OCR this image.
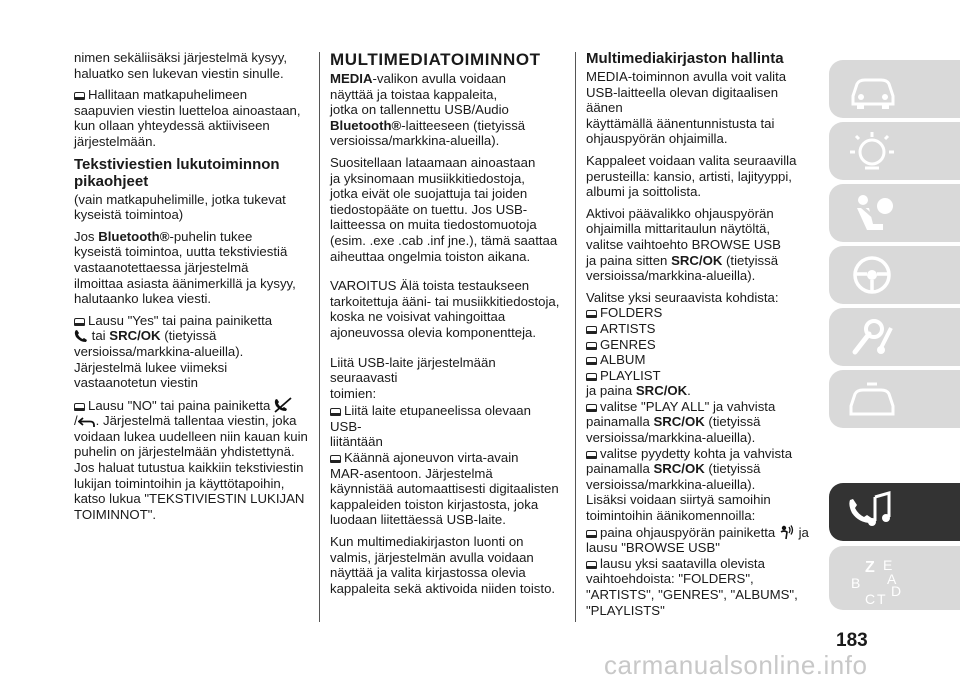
nimen sekäliisäksi järjestelmä kysyy,
haluatko sen lukevan viestin sinulle.

Hallitaan matkapuhelimeen
saapuvien viestin luetteloa ainoastaan,
kun ollaan yhteydessä aktiiviseen
järjestelmään.

Tekstiviestien lukutoiminnon
pikaohjeet

(vain matkapuhelimille, jotka tukevat
kyseistä toimintoa)

Jos Bluetooth®-puhelin tukee
kyseistä toimintoa, uutta tekstiviestiä
vastaanotettaessa järjestelmä
ilmoittaa asiasta äänimerkillä ja kysyy,
halutaanko lukea viesti.

Lausu "Yes" tai paina painiketta
tai SRC/OK (tietyissä
versioissa/markkina-alueilla).
Järjestelmä lukee viimeksi
vastaanotetun viestin

Lausu "NO" tai paina painiketta
/ . Järjestelmä tallentaa viestin, joka
voidaan lukea uudelleen niin kauan kuin
puhelin on järjestelmään yhdistettynä.
Jos haluat tutustua kaikkiin tekstiviestin
lukijan toimintoihin ja käyttötapoihin,
katso lukua "TEKSTIVIESTIN LUKIJAN
TOIMINNOT".

MULTIMEDIATOIMINNOT

MEDIA-valikon avulla voidaan
näyttää ja toistaa kappaleita,
jotka on tallennettu USB/Audio
Bluetooth®-laitteeseen (tietyissä
versioissa/markkina-alueilla).

Suositellaan lataamaan ainoastaan
ja yksinomaan musiikkitiedostoja,
jotka eivät ole suojattuja tai joiden
tiedostopääte on tuettu. Jos USB-
laitteessa on muita tiedostomuotoja
(esim. .exe .cab .inf jne.), tämä saattaa
aiheuttaa ongelmia toiston aikana.

VAROITUS Älä toista testaukseen
tarkoitettuja ääni- tai musiikkitiedostoja,
koska ne voisivat vahingoittaa
ajoneuvossa olevia komponentteja.

Liitä USB-laite järjestelmään seuraavasti
toimien:

Liitä laite etupaneelissa olevaan USB-
liitäntään
Käännä ajoneuvon virta-avain
MAR-asentoon. Järjestelmä
käynnistää automaattisesti digitaalisten
kappaleiden toiston kirjastosta, joka
luodaan liitettäessä USB-laite.

Kun multimediakirjaston luonti on
valmis, järjestelmän avulla voidaan
näyttää ja valita kirjastossa olevia
kappaleita sekä aktivoida niiden toisto.

Multimediakirjaston hallinta

MEDIA-toiminnon avulla voit valita
USB-laitteella olevan digitaalisen äänen
käyttämällä äänentunnistusta tai
ohjauspyörän ohjaimilla.

Kappaleet voidaan valita seuraavilla
perusteilla: kansio, artisti, lajityyppi,
albumi ja soittolista.

Aktivoi päävalikko ohjauspyörän
ohjaimilla mittaritaulun näytöltä,
valitse vaihtoehto BROWSE USB
ja paina sitten SRC/OK (tietyissä
versioissa/markkina-alueilla).

Valitse yksi seuraavista kohdista:
FOLDERS
ARTISTS
GENRES
ALBUM
PLAYLIST
ja paina SRC/OK.
valitse "PLAY ALL" ja vahvista
painamalla SRC/OK (tietyissä
versioissa/markkina-alueilla).
valitse pyydetty kohta ja vahvista
painamalla SRC/OK (tietyissä
versioissa/markkina-alueilla).
Lisäksi voidaan siirtyä samoihin
toimintoihin äänikomennoilla:
paina ohjauspyörän painiketta ja
lausu "BROWSE USB"
lausu yksi saatavilla olevista
vaihtoehdoista: "FOLDERS",
"ARTISTS", "GENRES", "ALBUMS",
"PLAYLISTS"

Z E
B
C T D
A
183
carmanualsonline.info
